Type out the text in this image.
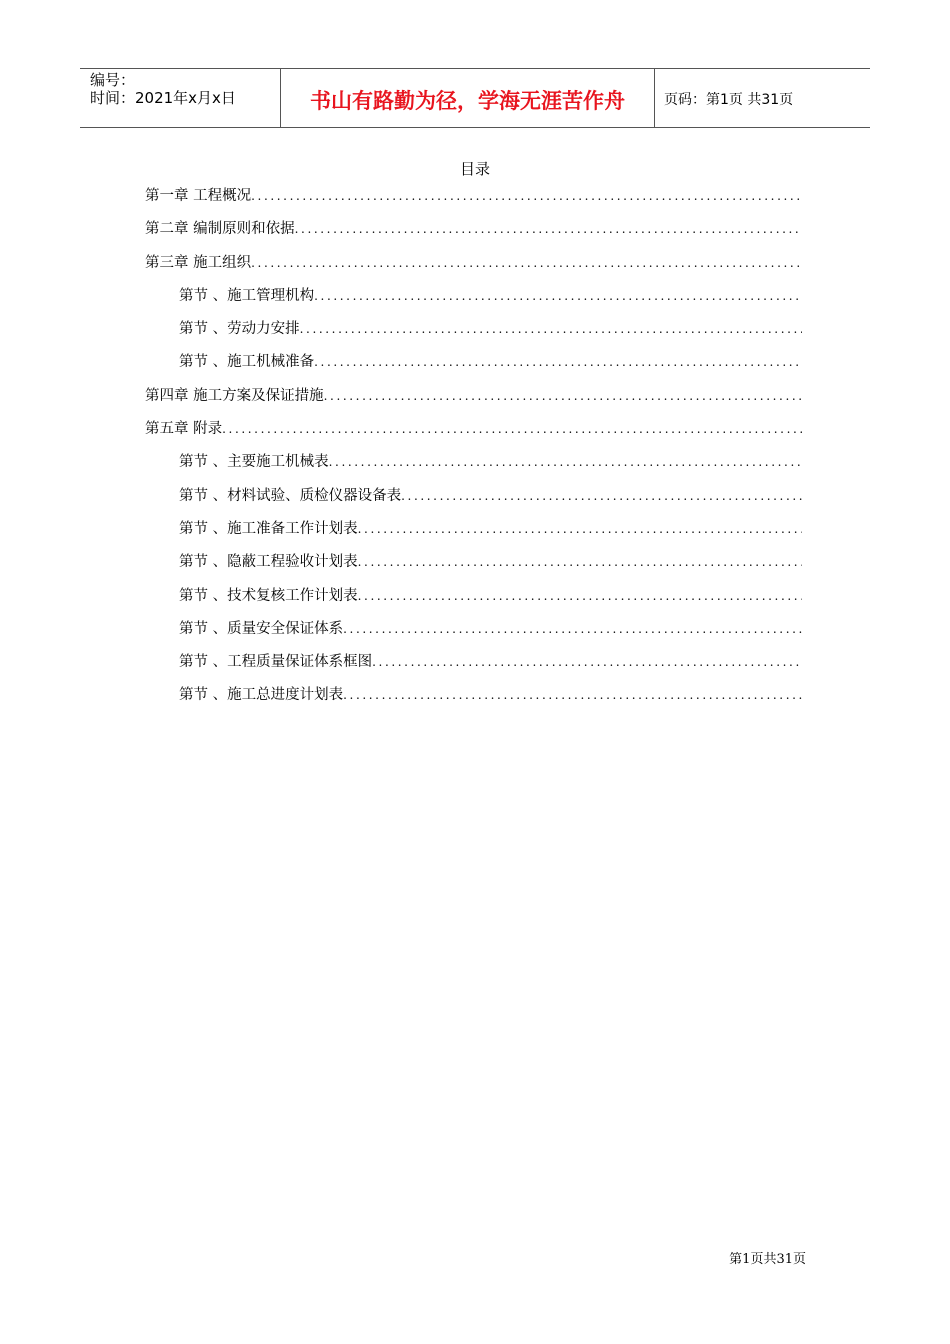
编号：
时间：2021年x月x日	书山有路勤为径，学海无涯苦作舟	页码：第1页 共31页
目录
第一章 工程概况
.....
第二章 编制原则和依据
.....
第三章 施工组织
.....
第节 、施工管理机构
.....
第节 、劳动力安排
.....
第节 、施工机械准备
.....
第四章 施工方案及保证措施
.....
第五章 附录
.....
第节 、主要施工机械表
.....
第节 、材料试验、质检仪器设备表
.....
第节 、施工准备工作计划表
.....
第节 、隐蔽工程验收计划表
.....
第节 、技术复核工作计划表
.....
第节 、质量安全保证体系
.....
第节 、工程质量保证体系框图
.....
第节 、施工总进度计划表
.....
第1页共31页
